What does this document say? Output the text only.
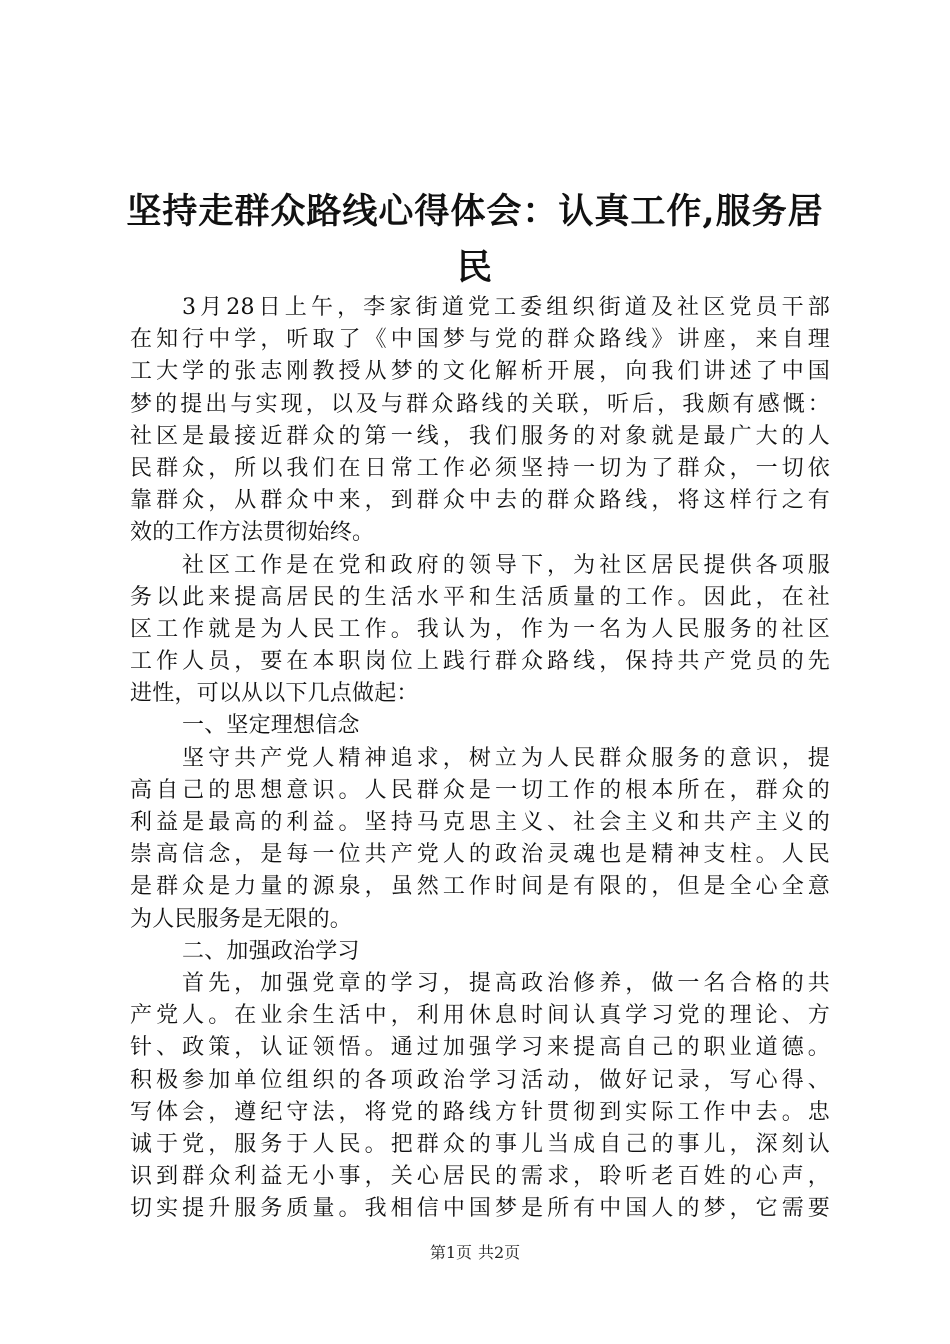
坚持走群众路线心得体会：认真工作,服务居
民
3月28日上午，李家街道党工委组织街道及社区党员干部
在知行中学，听取了《中国梦与党的群众路线》讲座，来自理
工大学的张志刚教授从梦的文化解析开展，向我们讲述了中国
梦的提出与实现，以及与群众路线的关联，听后，我颇有感慨：
社区是最接近群众的第一线，我们服务的对象就是最广大的人
民群众，所以我们在日常工作必须坚持一切为了群众，一切依
靠群众，从群众中来，到群众中去的群众路线，将这样行之有
效的工作方法贯彻始终。
社区工作是在党和政府的领导下，为社区居民提供各项服
务以此来提高居民的生活水平和生活质量的工作。因此，在社
区工作就是为人民工作。我认为，作为一名为人民服务的社区
工作人员，要在本职岗位上践行群众路线，保持共产党员的先
进性，可以从以下几点做起：
一、坚定理想信念
坚守共产党人精神追求，树立为人民群众服务的意识，提
高自己的思想意识。人民群众是一切工作的根本所在，群众的
利益是最高的利益。坚持马克思主义、社会主义和共产主义的
崇高信念，是每一位共产党人的政治灵魂也是精神支柱。人民
是群众是力量的源泉，虽然工作时间是有限的，但是全心全意
为人民服务是无限的。
二、加强政治学习
首先，加强党章的学习，提高政治修养，做一名合格的共
产党人。在业余生活中，利用休息时间认真学习党的理论、方
针、政策，认证领悟。通过加强学习来提高自己的职业道德。
积极参加单位组织的各项政治学习活动，做好记录，写心得、
写体会，遵纪守法，将党的路线方针贯彻到实际工作中去。忠
诚于党，服务于人民。把群众的事儿当成自己的事儿，深刻认
识到群众利益无小事，关心居民的需求，聆听老百姓的心声，
切实提升服务质量。我相信中国梦是所有中国人的梦，它需要
第1页 共2页
